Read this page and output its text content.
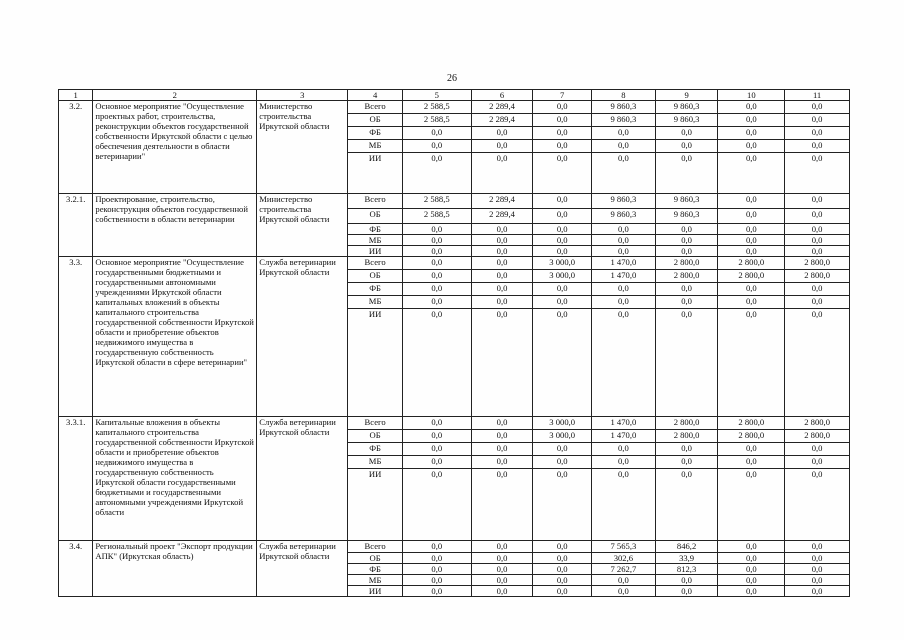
26
1	2	3	4	5	6	7	8	9	10	11
3.2.	Основное мероприятие "Осуществление проектных работ, строительства, реконструкции объектов государственной собственности Иркутской области с целью обеспечения деятельности в области ветеринарии"	Министерство строительства Иркутской области	Всего	2 588,5	2 289,4	0,0	9 860,3	9 860,3	0,0	0,0
			ОБ	2 588,5	2 289,4	0,0	9 860,3	9 860,3	0,0	0,0
			ФБ	0,0	0,0	0,0	0,0	0,0	0,0	0,0
			МБ	0,0	0,0	0,0	0,0	0,0	0,0	0,0
			ИИ	0,0	0,0	0,0	0,0	0,0	0,0	0,0
3.2.1.	Проектирование, строительство, реконструкция объектов государственной собственности в области ветеринарии	Министерство строительства Иркутской области	Всего	2 588,5	2 289,4	0,0	9 860,3	9 860,3	0,0	0,0
			ОБ	2 588,5	2 289,4	0,0	9 860,3	9 860,3	0,0	0,0
			ФБ	0,0	0,0	0,0	0,0	0,0	0,0	0,0
			МБ	0,0	0,0	0,0	0,0	0,0	0,0	0,0
			ИИ	0,0	0,0	0,0	0,0	0,0	0,0	0,0
3.3.	Основное мероприятие "Осуществление государственными бюджетными и государственными автономными учреждениями Иркутской области капитальных вложений в объекты капитального строительства государственной собственности Иркутской области и приобретение объектов недвижимого имущества в государственную собственность Иркутской области в сфере ветеринарии"	Служба ветеринарии Иркутской области	Всего	0,0	0,0	3 000,0	1 470,0	2 800,0	2 800,0	2 800,0
			ОБ	0,0	0,0	3 000,0	1 470,0	2 800,0	2 800,0	2 800,0
			ФБ	0,0	0,0	0,0	0,0	0,0	0,0	0,0
			МБ	0,0	0,0	0,0	0,0	0,0	0,0	0,0
			ИИ	0,0	0,0	0,0	0,0	0,0	0,0	0,0
3.3.1.	Капитальные вложения в объекты капитального строительства государственной собственности Иркутской области и приобретение объектов недвижимого имущества в государственную собственность Иркутской области государственными бюджетными и государственными автономными учреждениями Иркутской области	Служба ветеринарии Иркутской области	Всего	0,0	0,0	3 000,0	1 470,0	2 800,0	2 800,0	2 800,0
			ОБ	0,0	0,0	3 000,0	1 470,0	2 800,0	2 800,0	2 800,0
			ФБ	0,0	0,0	0,0	0,0	0,0	0,0	0,0
			МБ	0,0	0,0	0,0	0,0	0,0	0,0	0,0
			ИИ	0,0	0,0	0,0	0,0	0,0	0,0	0,0
3.4.	Региональный проект "Экспорт продукции АПК" (Иркутская область)	Служба ветеринарии Иркутской области	Всего	0,0	0,0	0,0	7 565,3	846,2	0,0	0,0
			ОБ	0,0	0,0	0,0	302,6	33,9	0,0	0,0
			ФБ	0,0	0,0	0,0	7 262,7	812,3	0,0	0,0
			МБ	0,0	0,0	0,0	0,0	0,0	0,0	0,0
			ИИ	0,0	0,0	0,0	0,0	0,0	0,0	0,0
